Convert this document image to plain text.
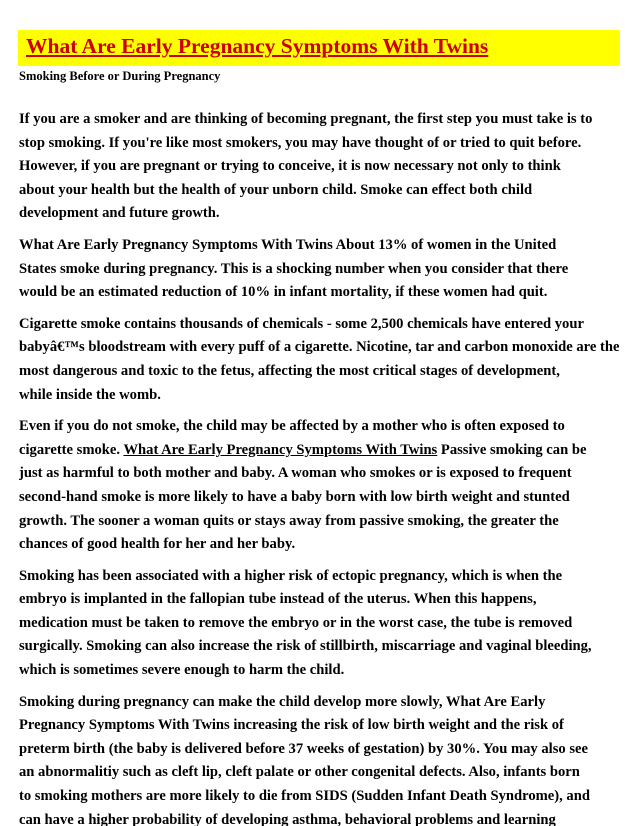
What Are Early Pregnancy Symptoms With Twins
Smoking Before or During Pregnancy

If you are a smoker and are thinking of becoming pregnant, the first step you must take is to
stop smoking. If you're like most smokers, you may have thought of or tried to quit before.
However, if you are pregnant or trying to conceive, it is now necessary not only to think
about your health but the health of your unborn child. Smoke can effect both child
development and future growth.

What Are Early Pregnancy Symptoms With Twins About 13% of women in the United
States smoke during pregnancy. This is a shocking number when you consider that there
would be an estimated reduction of 10% in infant mortality, if these women had quit.

Cigarette smoke contains thousands of chemicals - some 2,500 chemicals have entered your
babyâ€™s bloodstream with every puff of a cigarette. Nicotine, tar and carbon monoxide are the
most dangerous and toxic to the fetus, affecting the most critical stages of development,
while inside the womb.

Even if you do not smoke, the child may be affected by a mother who is often exposed to
cigarette smoke. What Are Early Pregnancy Symptoms With Twins Passive smoking can be
just as harmful to both mother and baby. A woman who smokes or is exposed to frequent
second-hand smoke is more likely to have a baby born with low birth weight and stunted
growth. The sooner a woman quits or stays away from passive smoking, the greater the
chances of good health for her and her baby.

Smoking has been associated with a higher risk of ectopic pregnancy, which is when the
embryo is implanted in the fallopian tube instead of the uterus. When this happens,
medication must be taken to remove the embryo or in the worst case, the tube is removed
surgically. Smoking can also increase the risk of stillbirth, miscarriage and vaginal bleeding,
which is sometimes severe enough to harm the child.

Smoking during pregnancy can make the child develop more slowly, What Are Early
Pregnancy Symptoms With Twins increasing the risk of low birth weight and the risk of
preterm birth (the baby is delivered before 37 weeks of gestation) by 30%. You may also see
an abnormalitiy such as cleft lip, cleft palate or other congenital defects. Also, infants born
to smoking mothers are more likely to die from SIDS (Sudden Infant Death Syndrome), and
can have a higher probability of developing asthma, behavioral problems and learning
